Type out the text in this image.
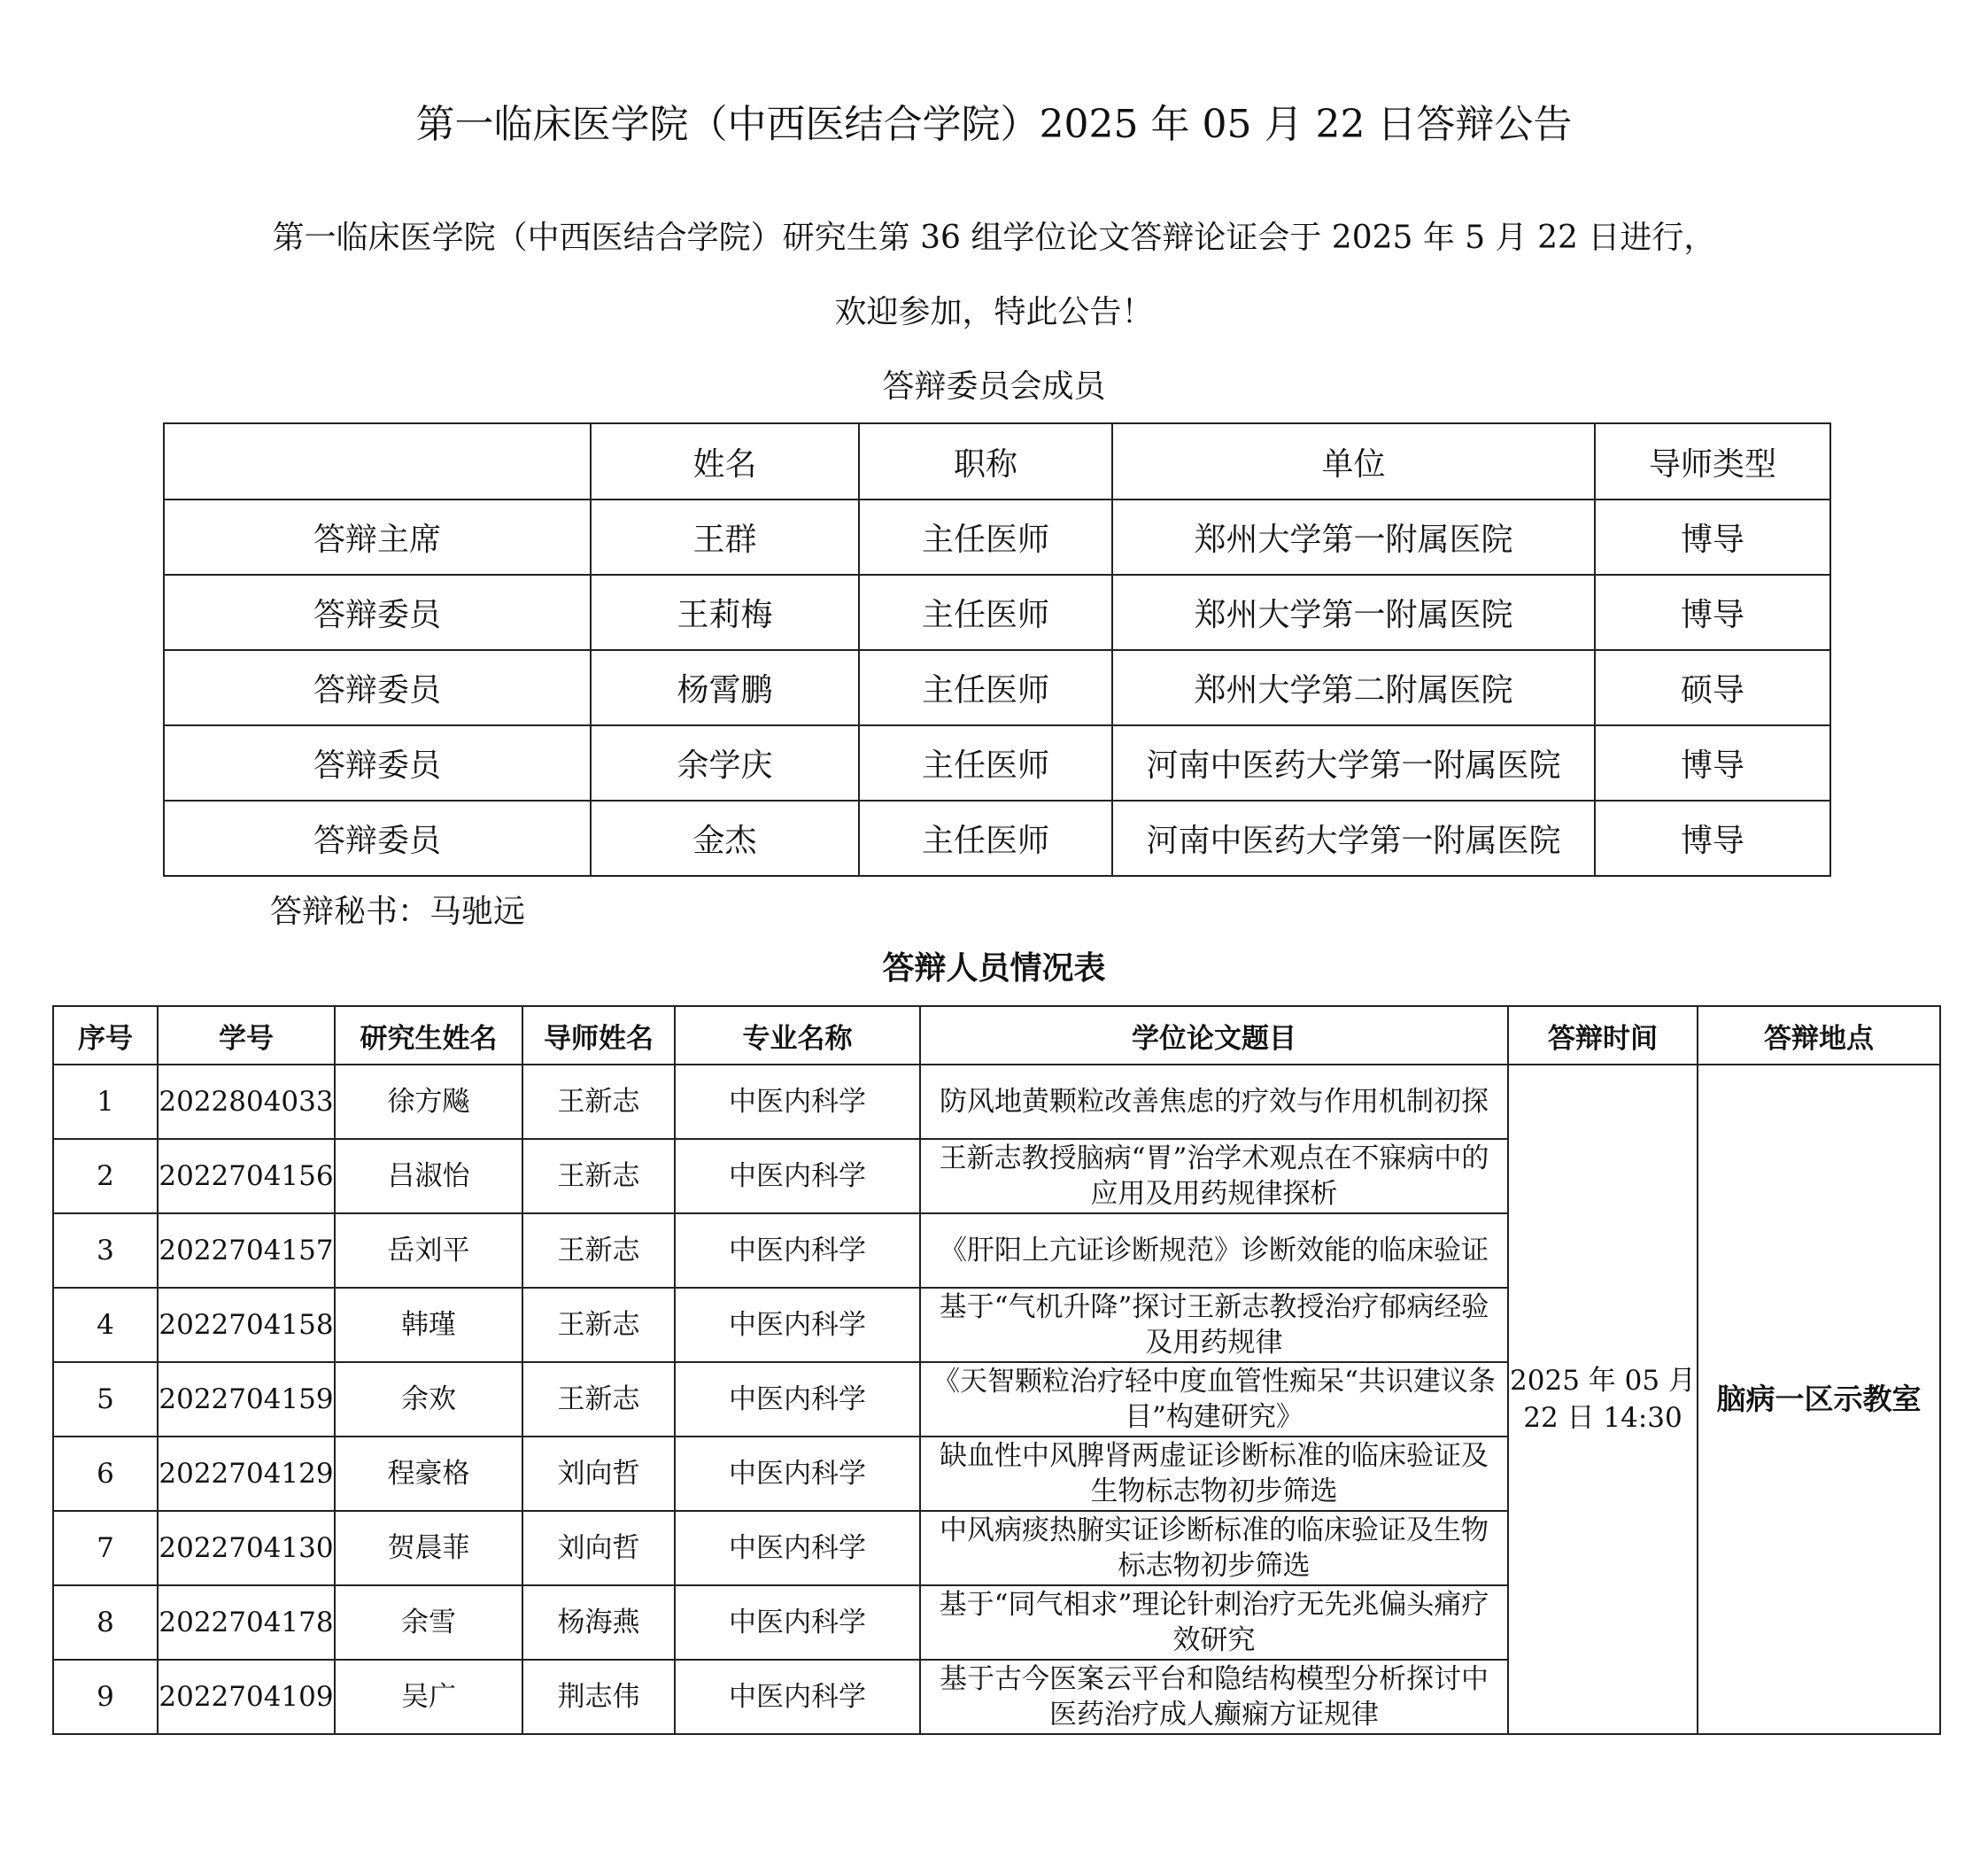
第一临床医学院（中西医结合学院）2025 年 05 月 22 日答辩公告
第一临床医学院（中西医结合学院）研究生第 36 组学位论文答辩论证会于 2025 年 5 月 22 日进行，
欢迎参加，特此公告！
答辩委员会成员
	姓名	职称	单位	导师类型
答辩主席	王群	主任医师	郑州大学第一附属医院	博导
答辩委员	王莉梅	主任医师	郑州大学第一附属医院	博导
答辩委员	杨霄鹏	主任医师	郑州大学第二附属医院	硕导
答辩委员	余学庆	主任医师	河南中医药大学第一附属医院	博导
答辩委员	金杰	主任医师	河南中医药大学第一附属医院	博导
答辩秘书：马驰远
答辩人员情况表
序号	学号	研究生姓名	导师姓名	专业名称	学位论文题目	答辩时间	答辩地点
1	2022804033	徐方飚	王新志	中医内科学	防风地黄颗粒改善焦虑的疗效与作用机制初探	2025 年 05 月 22 日 14:30	脑病一区示教室
2	2022704156	吕淑怡	王新志	中医内科学	王新志教授脑病“胃”治学术观点在不寐病中的应用及用药规律探析		
3	2022704157	岳刘平	王新志	中医内科学	《肝阳上亢证诊断规范》诊断效能的临床验证		
4	2022704158	韩瑾	王新志	中医内科学	基于“气机升降”探讨王新志教授治疗郁病经验及用药规律		
5	2022704159	余欢	王新志	中医内科学	《天智颗粒治疗轻中度血管性痴呆“共识建议条目”构建研究》		
6	2022704129	程豪格	刘向哲	中医内科学	缺血性中风脾肾两虚证诊断标准的临床验证及生物标志物初步筛选		
7	2022704130	贺晨菲	刘向哲	中医内科学	中风病痰热腑实证诊断标准的临床验证及生物标志物初步筛选		
8	2022704178	余雪	杨海燕	中医内科学	基于“同气相求”理论针刺治疗无先兆偏头痛疗效研究		
9	2022704109	吴广	荆志伟	中医内科学	基于古今医案云平台和隐结构模型分析探讨中医药治疗成人癫痫方证规律		
